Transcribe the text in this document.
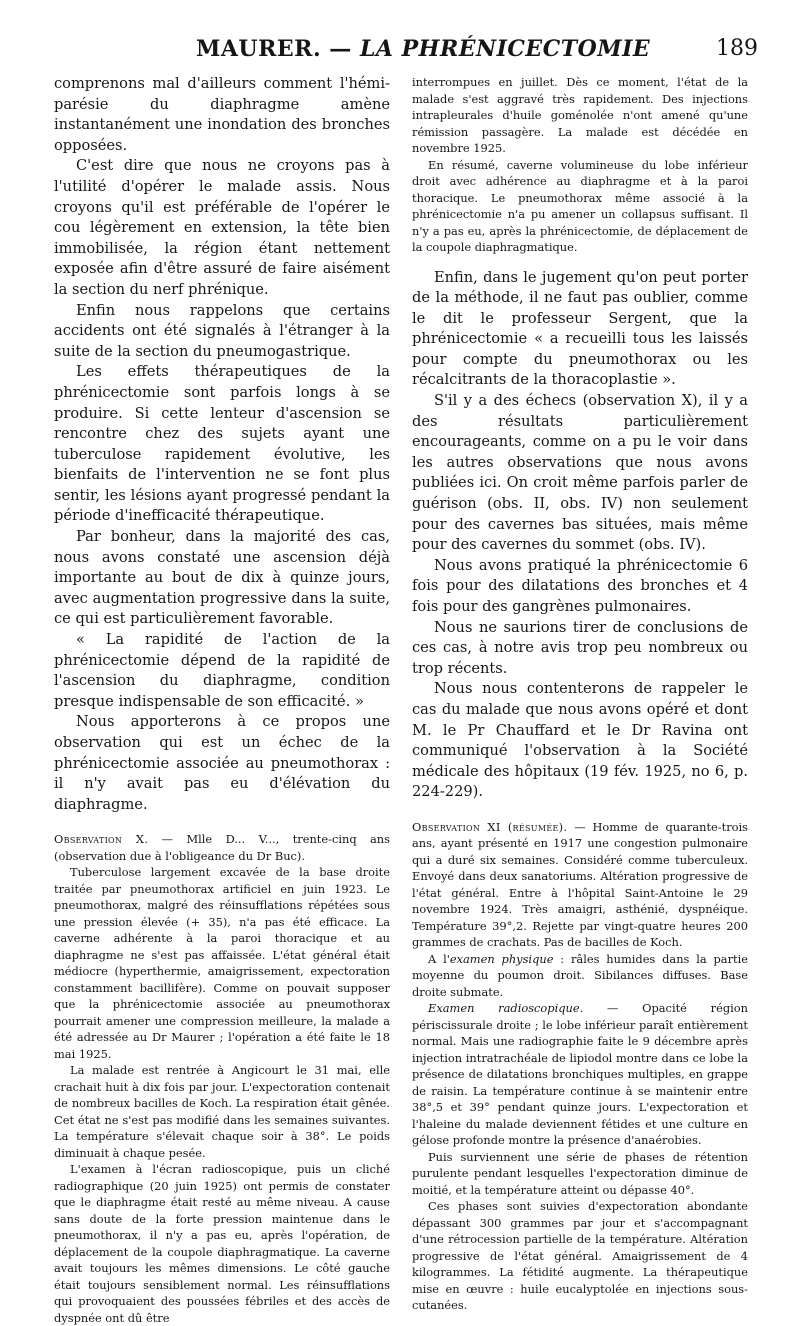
MAURER. — LA PHRÉNICECTOMIE	189

comprenons mal d'ailleurs comment l'hémi-parésie du diaphragme amène instantanément une inondation des bronches opposées.

C'est dire que nous ne croyons pas à l'utilité d'opérer le malade assis. Nous croyons qu'il est préférable de l'opérer le cou légèrement en extension, la tête bien immobilisée, la région étant nettement exposée afin d'être assuré de faire aisément la section du nerf phrénique.

Enfin nous rappelons que certains accidents ont été signalés à l'étranger à la suite de la section du pneumogastrique.

Les effets thérapeutiques de la phrénicectomie sont parfois longs à se produire. Si cette lenteur d'ascension se rencontre chez des sujets ayant une tuberculose rapidement évolutive, les bienfaits de l'intervention ne se font plus sentir, les lésions ayant progressé pendant la période d'inefficacité thérapeutique.

Par bonheur, dans la majorité des cas, nous avons constaté une ascension déjà importante au bout de dix à quinze jours, avec augmentation progressive dans la suite, ce qui est particulièrement favorable.

« La rapidité de l'action de la phrénicectomie dépend de la rapidité de l'ascension du diaphragme, condition presque indispensable de son efficacité. »

Nous apporterons à ce propos une observation qui est un échec de la phrénicectomie associée au pneumothorax : il n'y avait pas eu d'élévation du diaphragme.

Observation X. — Mlle D... V..., trente-cinq ans (observation due à l'obligeance du Dr Buc).

Tuberculose largement excavée de la base droite traitée par pneumothorax artificiel en juin 1923. Le pneumothorax, malgré des réinsufflations répétées sous une pression élevée (+ 35), n'a pas été efficace. La caverne adhérente à la paroi thoracique et au diaphragme ne s'est pas affaissée. L'état général était médiocre (hyperthermie, amaigrissement, expectoration constamment bacillifère). Comme on pouvait supposer que la phrénicectomie associée au pneumothorax pourrait amener une compression meilleure, la malade a été adressée au Dr Maurer ; l'opération a été faite le 18 mai 1925.

La malade est rentrée à Angicourt le 31 mai, elle crachait huit à dix fois par jour. L'expectoration contenait de nombreux bacilles de Koch. La respiration était gênée. Cet état ne s'est pas modifié dans les semaines suivantes. La température s'élevait chaque soir à 38°. Le poids diminuait à chaque pesée.

L'examen à l'écran radioscopique, puis un cliché radiographique (20 juin 1925) ont permis de constater que le diaphragme était resté au même niveau. A cause sans doute de la forte pression maintenue dans le pneumothorax, il n'y a pas eu, après l'opération, de déplacement de la coupole diaphragmatique. La caverne avait toujours les mêmes dimensions. Le côté gauche était toujours sensiblement normal. Les réinsufflations qui provoquaient des poussées fébriles et des accès de dyspnée ont dû être

interrompues en juillet. Dès ce moment, l'état de la malade s'est aggravé très rapidement. Des injections intrapleurales d'huile goménolée n'ont amené qu'une rémission passagère. La malade est décédée en novembre 1925.

En résumé, caverne volumineuse du lobe inférieur droit avec adhérence au diaphragme et à la paroi thoracique. Le pneumothorax même associé à la phrénicectomie n'a pu amener un collapsus suffisant. Il n'y a pas eu, après la phrénicectomie, de déplacement de la coupole diaphragmatique.

Enfin, dans le jugement qu'on peut porter de la méthode, il ne faut pas oublier, comme le dit le professeur Sergent, que la phrénicectomie « a recueilli tous les laissés pour compte du pneumothorax ou les récalcitrants de la thoracoplastie ».

S'il y a des échecs (observation X), il y a des résultats particulièrement encourageants, comme on a pu le voir dans les autres observations que nous avons publiées ici. On croit même parfois parler de guérison (obs. II, obs. IV) non seulement pour des cavernes bas situées, mais même pour des cavernes du sommet (obs. IV).

Nous avons pratiqué la phrénicectomie 6 fois pour des dilatations des bronches et 4 fois pour des gangrènes pulmonaires.

Nous ne saurions tirer de conclusions de ces cas, à notre avis trop peu nombreux ou trop récents.

Nous nous contenterons de rappeler le cas du malade que nous avons opéré et dont M. le Pr Chauffard et le Dr Ravina ont communiqué l'observation à la Société médicale des hôpitaux (19 fév. 1925, no 6, p. 224-229).

Observation XI (résumée). — Homme de quarante-trois ans, ayant présenté en 1917 une congestion pulmonaire qui a duré six semaines. Considéré comme tuberculeux. Envoyé dans deux sanatoriums. Altération progressive de l'état général. Entre à l'hôpital Saint-Antoine le 29 novembre 1924. Très amaigri, asthénié, dyspnéique. Température 39°,2. Rejette par vingt-quatre heures 200 grammes de crachats. Pas de bacilles de Koch.

A l'examen physique : râles humides dans la partie moyenne du poumon droit. Sibilances diffuses. Base droite submate.

Examen radioscopique. — Opacité région périscissurale droite ; le lobe inférieur paraît entièrement normal. Mais une radiographie faite le 9 décembre après injection intratrachéale de lipiodol montre dans ce lobe la présence de dilatations bronchiques multiples, en grappe de raisin. La température continue à se maintenir entre 38°,5 et 39° pendant quinze jours. L'expectoration et l'haleine du malade deviennent fétides et une culture en gélose profonde montre la présence d'anaérobies.

Puis surviennent une série de phases de rétention purulente pendant lesquelles l'expectoration diminue de moitié, et la température atteint ou dépasse 40°.

Ces phases sont suivies d'expectoration abondante dépassant 300 grammes par jour et s'accompagnant d'une rétrocession partielle de la température. Altération progressive de l'état général. Amaigrissement de 4 kilogrammes. La fétidité augmente. La thérapeutique mise en œuvre : huile eucalyptolée en injections sous-cutanées.
